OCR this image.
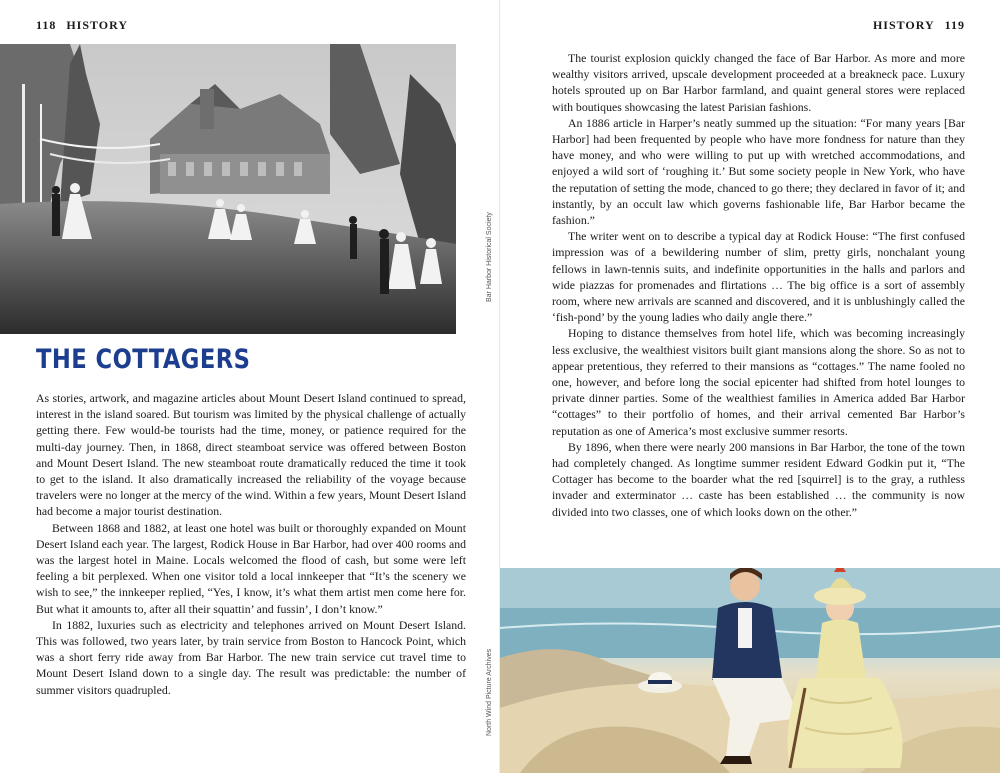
118 HISTORY
Bar Harbor Historical Society
THE COTTAGERS

As stories, artwork, and magazine articles about Mount Desert Island continued to spread, interest in the island soared. But tourism was limited by the physical challenge of actually getting there. Few would-be tourists had the time, money, or patience required for the multi-day journey. Then, in 1868, direct steamboat service was offered between Boston and Mount Desert Island. The new steamboat route dramatically reduced the time it took to get to the island. It also dramatically increased the reliability of the voyage because travelers were no longer at the mercy of the wind. Within a few years, Mount Desert Island had become a major tourist destination.

Between 1868 and 1882, at least one hotel was built or thoroughly expanded on Mount Desert Island each year. The largest, Rodick House in Bar Harbor, had over 400 rooms and was the largest hotel in Maine. Locals welcomed the flood of cash, but some were left feeling a bit perplexed. When one visitor told a local innkeeper that “It’s the scenery we wish to see,” the innkeeper replied, “Yes, I know, it’s what them artist men come here for. But what it amounts to, after all their squattin’ and fussin’, I don’t know.”

In 1882, luxuries such as electricity and telephones arrived on Mount Desert Island. This was followed, two years later, by train service from Boston to Hancock Point, which was a short ferry ride away from Bar Harbor. The new train service cut travel time to Mount Desert Island down to a single day. The result was predictable: the number of summer visitors quadrupled.

HISTORY 119

The tourist explosion quickly changed the face of Bar Harbor. As more and more wealthy visitors arrived, upscale development proceeded at a breakneck pace. Luxury hotels sprouted up on Bar Harbor farmland, and quaint general stores were replaced with boutiques showcasing the latest Parisian fashions.

An 1886 article in Harper’s neatly summed up the situation: “For many years [Bar Harbor] had been frequented by people who have more fondness for nature than they have money, and who were willing to put up with wretched accommodations, and enjoyed a wild sort of ‘roughing it.’ But some society people in New York, who have the reputation of setting the mode, chanced to go there; they declared in favor of it; and instantly, by an occult law which governs fashionable life, Bar Harbor became the fashion.”

The writer went on to describe a typical day at Rodick House: “The first confused impression was of a bewildering number of slim, pretty girls, nonchalant young fellows in lawn-tennis suits, and indefinite opportunities in the halls and parlors and wide piazzas for promenades and flirtations … The big office is a sort of assembly room, where new arrivals are scanned and discovered, and it is unblushingly called the ‘fish-pond’ by the young ladies who daily angle there.”

Hoping to distance themselves from hotel life, which was becoming increasingly less exclusive, the wealthiest visitors built giant mansions along the shore. So as not to appear pretentious, they referred to their mansions as “cottages.” The name fooled no one, however, and before long the social epicenter had shifted from hotel lounges to private dinner parties. Some of the wealthiest families in America added Bar Harbor “cottages” to their portfolio of homes, and their arrival cemented Bar Harbor’s reputation as one of America’s most exclusive summer resorts.

By 1896, when there were nearly 200 mansions in Bar Harbor, the tone of the town had completely changed. As longtime summer resident Edward Godkin put it, “The Cottager has become to the boarder what the red [squirrel] is to the gray, a ruthless invader and exterminator … caste has been established … the community is now divided into two classes, one of which looks down on the other.”

North Wind Picture Archives
